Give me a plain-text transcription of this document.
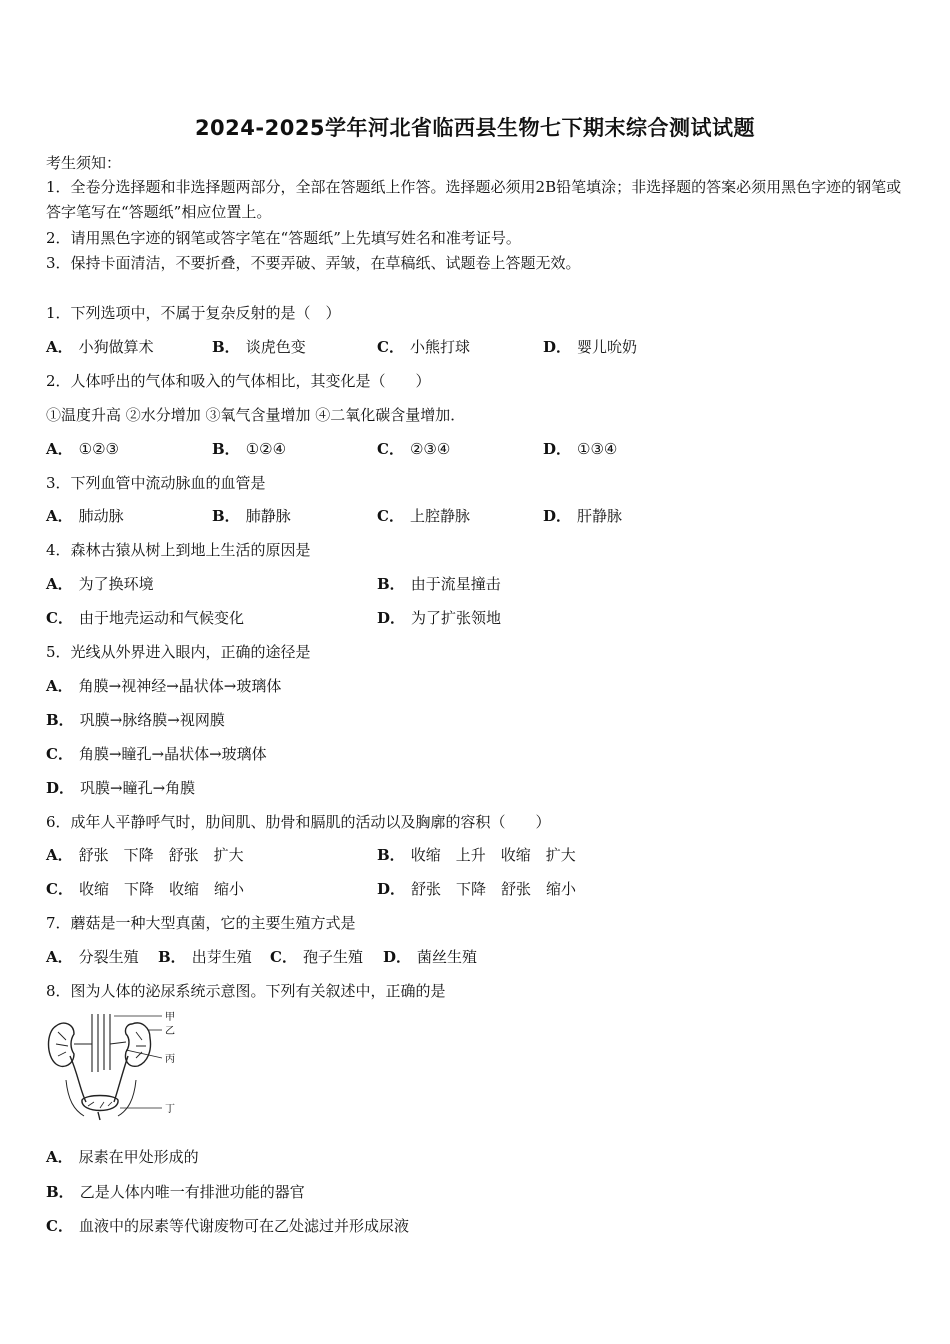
2024-2025学年河北省临西县生物七下期末综合测试试题
考生须知：
1．全卷分选择题和非选择题两部分，全部在答题纸上作答。选择题必须用2B铅笔填涂；非选择题的答案必须用黑色字迹的钢笔或答字笔写在“答题纸”相应位置上。
2．请用黑色字迹的钢笔或答字笔在“答题纸”上先填写姓名和准考证号。
3．保持卡面清洁，不要折叠，不要弄破、弄皱，在草稿纸、试题卷上答题无效。
1．下列选项中，不属于复杂反射的是（　）
A． 小狗做算术	B． 谈虎色变	C． 小熊打球	D． 婴儿吮奶
2．人体呼出的气体和吸入的气体相比，其变化是（　　）
①温度升高 ②水分增加 ③氧气含量增加 ④二氧化碳含量增加．
A． ①②③	B． ①②④	C． ②③④	D． ①③④
3．下列血管中流动脉血的血管是
A． 肺动脉	B． 肺静脉	C． 上腔静脉	D． 肝静脉
4．森林古猿从树上到地上生活的原因是
A． 为了换环境	B． 由于流星撞击
C． 由于地壳运动和气候变化	D． 为了扩张领地
5．光线从外界进入眼内，正确的途径是
A． 角膜→视神经→晶状体→玻璃体
B． 巩膜→脉络膜→视网膜
C． 角膜→瞳孔→晶状体→玻璃体
D． 巩膜→瞳孔→角膜
6．成年人平静呼气时，肋间肌、肋骨和膈肌的活动以及胸廓的容积（　　）
A． 舒张　下降　舒张　扩大	B． 收缩　上升　收缩　扩大
C． 收缩　下降　收缩　缩小	D． 舒张　下降　舒张　缩小
7．蘑菇是一种大型真菌，它的主要生殖方式是
A． 分裂生殖 B． 出芽生殖 C． 孢子生殖 D． 菌丝生殖
8．图为人体的泌尿系统示意图。下列有关叙述中，正确的是
甲
乙
丙
丁
A． 尿素在甲处形成的
B． 乙是人体内唯一有排泄功能的器官
C． 血液中的尿素等代谢废物可在乙处滤过并形成尿液
